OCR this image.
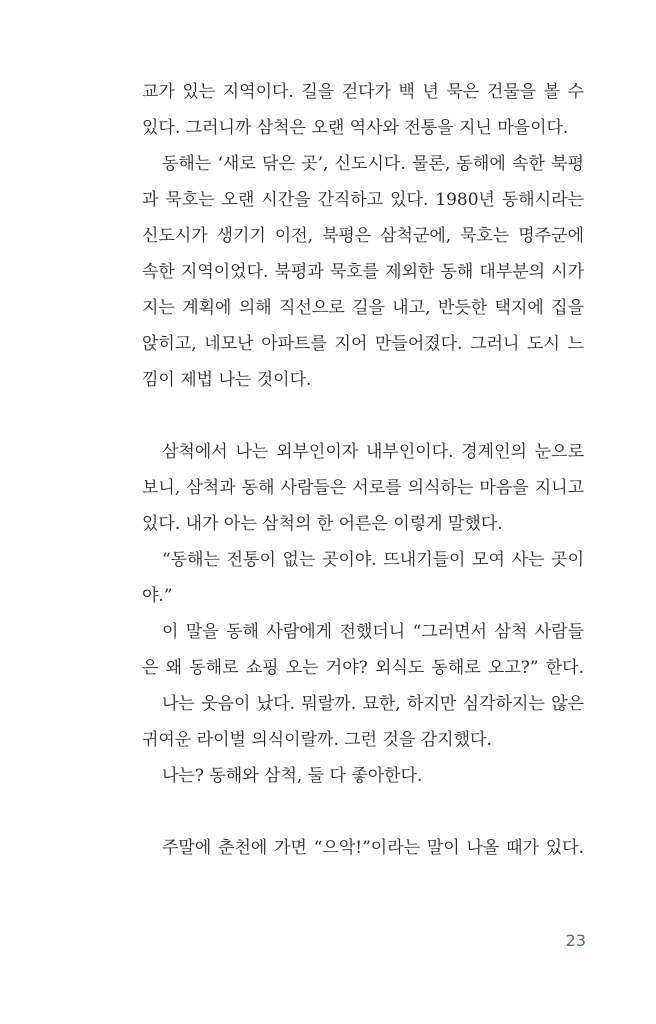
교가 있는 지역이다. 길을 걷다가 백 년 묵은 건물을 볼 수
있다. 그러니까 삼척은 오랜 역사와 전통을 지닌 마을이다.
동해는 ‘새로 닦은 곳’, 신도시다. 물론, 동해에 속한 북평
과 묵호는 오랜 시간을 간직하고 있다. 1980년 동해시라는
신도시가 생기기 이전, 북평은 삼척군에, 묵호는 명주군에
속한 지역이었다. 북평과 묵호를 제외한 동해 대부분의 시가
지는 계획에 의해 직선으로 길을 내고, 반듯한 택지에 집을
앉히고, 네모난 아파트를 지어 만들어졌다. 그러니 도시 느
낌이 제법 나는 것이다.
삼척에서 나는 외부인이자 내부인이다. 경계인의 눈으로
보니, 삼척과 동해 사람들은 서로를 의식하는 마음을 지니고
있다. 내가 아는 삼척의 한 어른은 이렇게 말했다.
“동해는 전통이 없는 곳이야. 뜨내기들이 모여 사는 곳이
야.”
이 말을 동해 사람에게 전했더니 “그러면서 삼척 사람들
은 왜 동해로 쇼핑 오는 거야? 외식도 동해로 오고?” 한다.
나는 웃음이 났다. 뭐랄까. 묘한, 하지만 심각하지는 않은
귀여운 라이벌 의식이랄까. 그런 것을 감지했다.
나는? 동해와 삼척, 둘 다 좋아한다.
주말에 춘천에 가면 “으악!”이라는 말이 나올 때가 있다.
23
